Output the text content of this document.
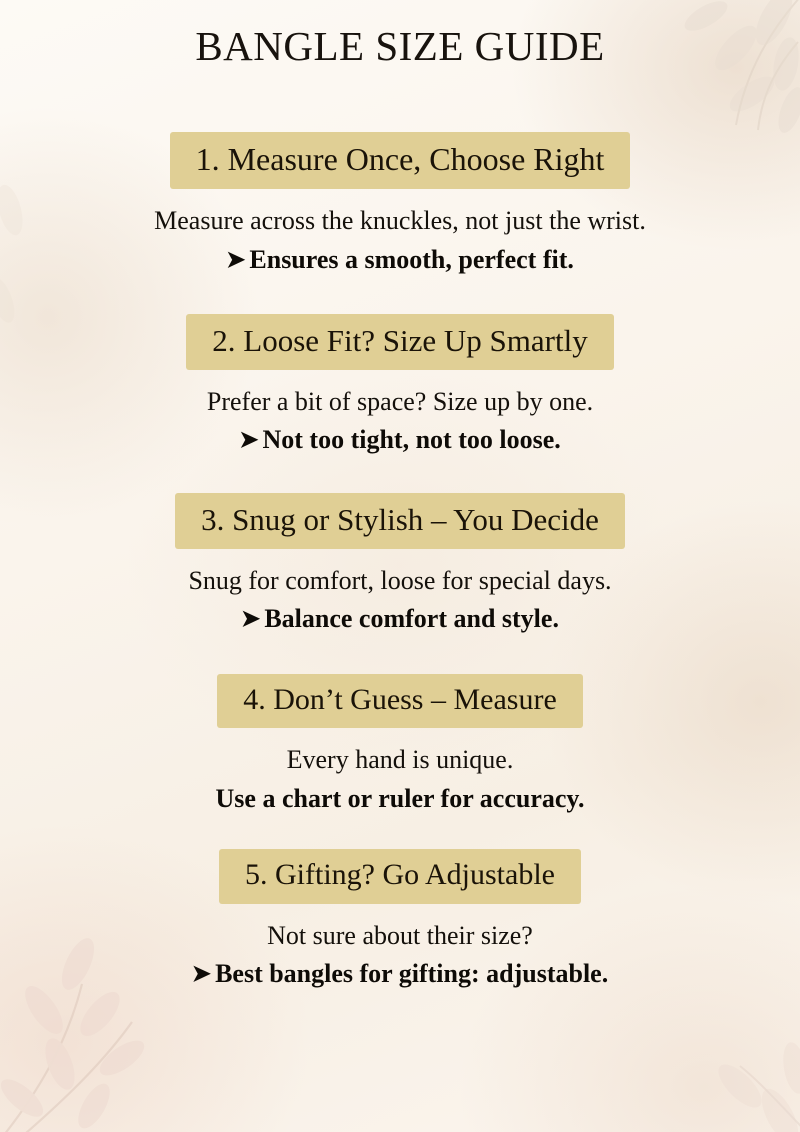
BANGLE SIZE GUIDE
1. Measure Once, Choose Right
Measure across the knuckles, not just the wrist.
➤ Ensures a smooth, perfect fit.
2. Loose Fit? Size Up Smartly
Prefer a bit of space? Size up by one.
➤ Not too tight, not too loose.
3. Snug or Stylish – You Decide
Snug for comfort, loose for special days.
➤ Balance comfort and style.
4. Don’t Guess – Measure
Every hand is unique.
Use a chart or ruler for accuracy.
5. Gifting? Go Adjustable
Not sure about their size?
➤ Best bangles for gifting: adjustable.
